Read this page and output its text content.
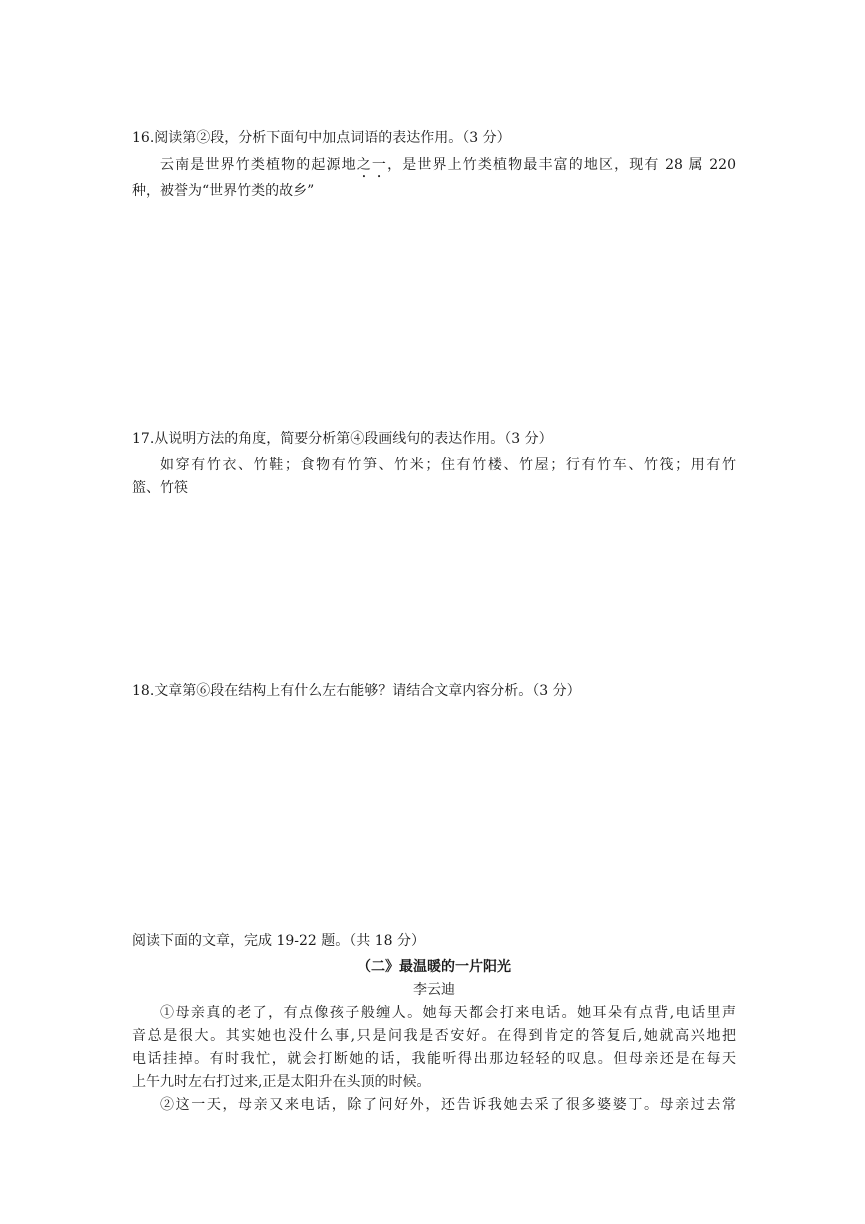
16.阅读第②段，分析下面句中加点词语的表达作用。（3 分）
云南是世界竹类植物的起源地之一，是世界上竹类植物最丰富的地区，现有 28 属 220
种，被誉为“世界竹类的故乡”
17.从说明方法的角度，简要分析第④段画线句的表达作用。（3 分）
如穿有竹衣、竹鞋；食物有竹笋、竹米；住有竹楼、竹屋；行有竹车、竹筏；用有竹
篮、竹筷
18.文章第⑥段在结构上有什么左右能够？请结合文章内容分析。（3 分）
阅读下面的文章，完成 19-22 题。（共 18 分）
（二》最温暖的一片阳光
李云迪
①母亲真的老了，有点像孩子般缠人。她每天都会打来电话。她耳朵有点背,电话里声
音总是很大。其实她也没什么事,只是问我是否安好。在得到肯定的答复后,她就高兴地把
电话挂掉。有时我忙，就会打断她的话，我能听得出那边轻轻的叹息。但母亲还是在每天
上午九时左右打过来,正是太阳升在头顶的时候。
②这一天，母亲又来电话，除了问好外，还告诉我她去采了很多婆婆丁。母亲过去常
